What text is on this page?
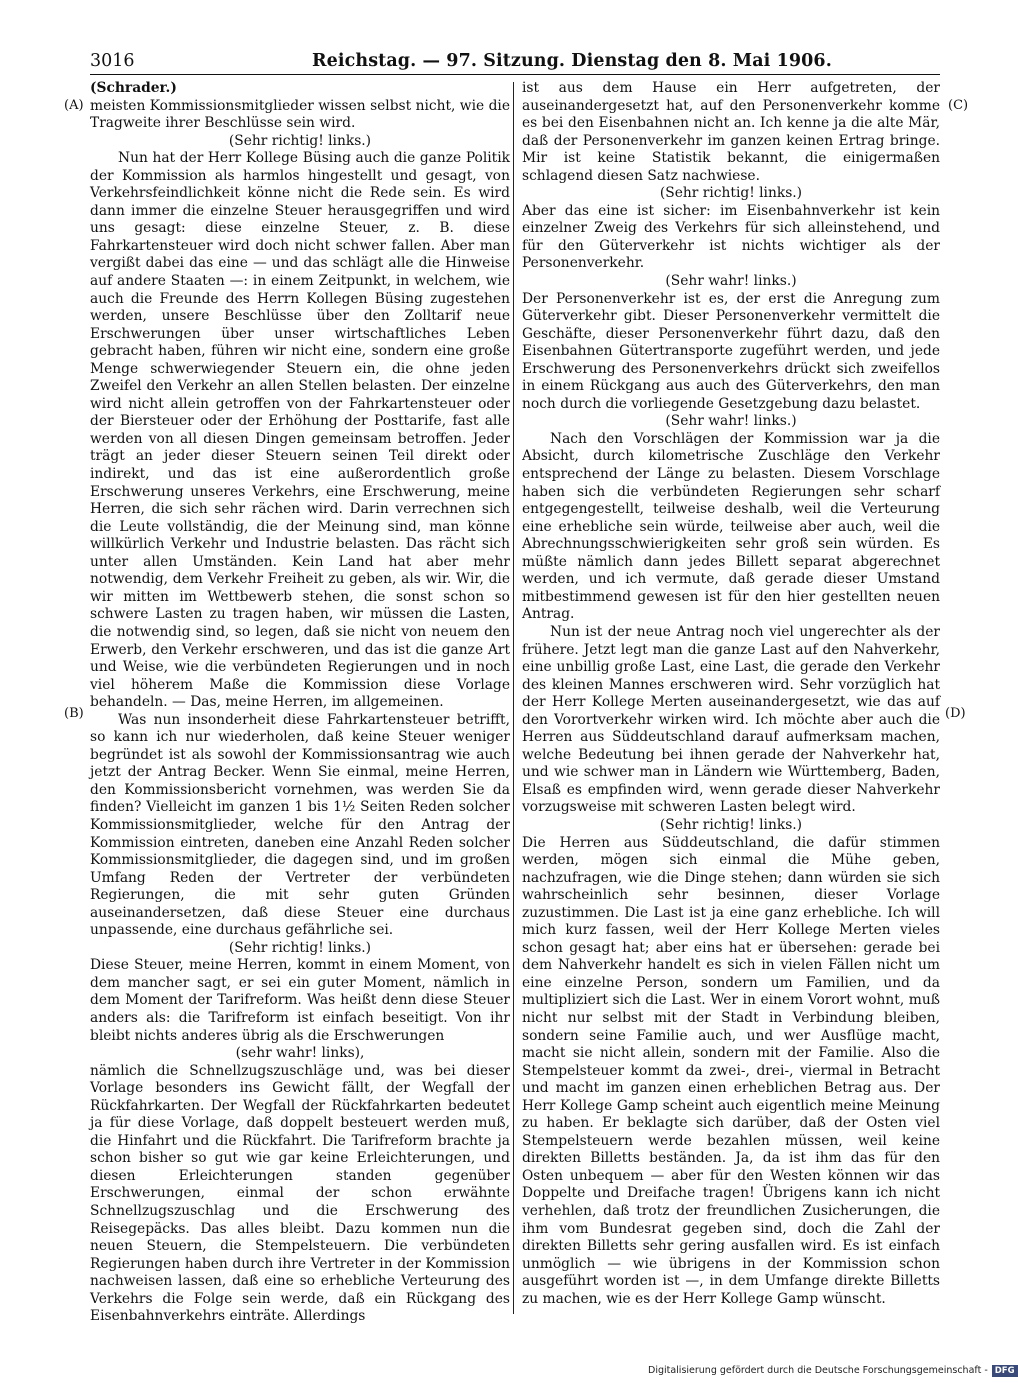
3016	Reichstag. — 97. Sitzung. Dienstag den 8. Mai 1906.
(A)
(B)
(C)
(D)

(Schrader.)

meisten Kommissionsmitglieder wissen selbst nicht, wie die Tragweite ihrer Beschlüsse sein wird.

(Sehr richtig! links.)

Nun hat der Herr Kollege Büsing auch die ganze Politik der Kommission als harmlos hingestellt und gesagt, von Verkehrsfeindlichkeit könne nicht die Rede sein. Es wird dann immer die einzelne Steuer herausgegriffen und wird uns gesagt: diese einzelne Steuer, z. B. diese Fahrkartensteuer wird doch nicht schwer fallen. Aber man vergißt dabei das eine — und das schlägt alle die Hinweise auf andere Staaten —: in einem Zeitpunkt, in welchem, wie auch die Freunde des Herrn Kollegen Büsing zugestehen werden, unsere Beschlüsse über den Zolltarif neue Erschwerungen über unser wirtschaftliches Leben gebracht haben, führen wir nicht eine, sondern eine große Menge schwerwiegender Steuern ein, die ohne jeden Zweifel den Verkehr an allen Stellen belasten. Der einzelne wird nicht allein getroffen von der Fahrkartensteuer oder der Biersteuer oder der Erhöhung der Posttarife, fast alle werden von all diesen Dingen gemeinsam betroffen. Jeder trägt an jeder dieser Steuern seinen Teil direkt oder indirekt, und das ist eine außerordentlich große Erschwerung unseres Verkehrs, eine Erschwerung, meine Herren, die sich sehr rächen wird. Darin verrechnen sich die Leute vollständig, die der Meinung sind, man könne willkürlich Verkehr und Industrie belasten. Das rächt sich unter allen Umständen. Kein Land hat aber mehr notwendig, dem Verkehr Freiheit zu geben, als wir. Wir, die wir mitten im Wettbewerb stehen, die sonst schon so schwere Lasten zu tragen haben, wir müssen die Lasten, die notwendig sind, so legen, daß sie nicht von neuem den Erwerb, den Verkehr erschweren, und das ist die ganze Art und Weise, wie die verbündeten Regierungen und in noch viel höherem Maße die Kommission diese Vorlage behandeln. — Das, meine Herren, im allgemeinen.

Was nun insonderheit diese Fahrkartensteuer betrifft, so kann ich nur wiederholen, daß keine Steuer weniger begründet ist als sowohl der Kommissionsantrag wie auch jetzt der Antrag Becker. Wenn Sie einmal, meine Herren, den Kommissionsbericht vornehmen, was werden Sie da finden? Vielleicht im ganzen 1 bis 1½ Seiten Reden solcher Kommissionsmitglieder, welche für den Antrag der Kommission eintreten, daneben eine Anzahl Reden solcher Kommissionsmitglieder, die dagegen sind, und im großen Umfang Reden der Vertreter der verbündeten Regierungen, die mit sehr guten Gründen auseinandersetzen, daß diese Steuer eine durchaus unpassende, eine durchaus gefährliche sei.

(Sehr richtig! links.)

Diese Steuer, meine Herren, kommt in einem Moment, von dem mancher sagt, er sei ein guter Moment, nämlich in dem Moment der Tarifreform. Was heißt denn diese Steuer anders als: die Tarifreform ist einfach beseitigt. Von ihr bleibt nichts anderes übrig als die Erschwerungen

(sehr wahr! links),

nämlich die Schnellzugszuschläge und, was bei dieser Vorlage besonders ins Gewicht fällt, der Wegfall der Rückfahrkarten. Der Wegfall der Rückfahrkarten bedeutet ja für diese Vorlage, daß doppelt besteuert werden muß, die Hinfahrt und die Rückfahrt. Die Tarifreform brachte ja schon bisher so gut wie gar keine Erleichterungen, und diesen Erleichterungen standen gegenüber Erschwerungen, einmal der schon erwähnte Schnellzugszuschlag und die Erschwerung des Reisegepäcks. Das alles bleibt. Dazu kommen nun die neuen Steuern, die Stempelsteuern. Die verbündeten Regierungen haben durch ihre Vertreter in der Kommission nachweisen lassen, daß eine so erhebliche Verteurung des Verkehrs die Folge sein werde, daß ein Rückgang des Eisenbahnverkehrs einträte. Allerdings

ist aus dem Hause ein Herr aufgetreten, der auseinandergesetzt hat, auf den Personenverkehr komme es bei den Eisenbahnen nicht an. Ich kenne ja die alte Mär, daß der Personenverkehr im ganzen keinen Ertrag bringe. Mir ist keine Statistik bekannt, die einigermaßen schlagend diesen Satz nachwiese.

(Sehr richtig! links.)

Aber das eine ist sicher: im Eisenbahnverkehr ist kein einzelner Zweig des Verkehrs für sich alleinstehend, und für den Güterverkehr ist nichts wichtiger als der Personenverkehr.

(Sehr wahr! links.)

Der Personenverkehr ist es, der erst die Anregung zum Güterverkehr gibt. Dieser Personenverkehr vermittelt die Geschäfte, dieser Personenverkehr führt dazu, daß den Eisenbahnen Gütertransporte zugeführt werden, und jede Erschwerung des Personenverkehrs drückt sich zweifellos in einem Rückgang aus auch des Güterverkehrs, den man noch durch die vorliegende Gesetzgebung dazu belastet.

(Sehr wahr! links.)

Nach den Vorschlägen der Kommission war ja die Absicht, durch kilometrische Zuschläge den Verkehr entsprechend der Länge zu belasten. Diesem Vorschlage haben sich die verbündeten Regierungen sehr scharf entgegengestellt, teilweise deshalb, weil die Verteurung eine erhebliche sein würde, teilweise aber auch, weil die Abrechnungsschwierigkeiten sehr groß sein würden. Es müßte nämlich dann jedes Billett separat abgerechnet werden, und ich vermute, daß gerade dieser Umstand mitbestimmend gewesen ist für den hier gestellten neuen Antrag.

Nun ist der neue Antrag noch viel ungerechter als der frühere. Jetzt legt man die ganze Last auf den Nahverkehr, eine unbillig große Last, eine Last, die gerade den Verkehr des kleinen Mannes erschweren wird. Sehr vorzüglich hat der Herr Kollege Merten auseinandergesetzt, wie das auf den Vorortverkehr wirken wird. Ich möchte aber auch die Herren aus Süddeutschland darauf aufmerksam machen, welche Bedeutung bei ihnen gerade der Nahverkehr hat, und wie schwer man in Ländern wie Württemberg, Baden, Elsaß es empfinden wird, wenn gerade dieser Nahverkehr vorzugsweise mit schweren Lasten belegt wird.

(Sehr richtig! links.)

Die Herren aus Süddeutschland, die dafür stimmen werden, mögen sich einmal die Mühe geben, nachzufragen, wie die Dinge stehen; dann würden sie sich wahrscheinlich sehr besinnen, dieser Vorlage zuzustimmen. Die Last ist ja eine ganz erhebliche. Ich will mich kurz fassen, weil der Herr Kollege Merten vieles schon gesagt hat; aber eins hat er übersehen: gerade bei dem Nahverkehr handelt es sich in vielen Fällen nicht um eine einzelne Person, sondern um Familien, und da multipliziert sich die Last. Wer in einem Vorort wohnt, muß nicht nur selbst mit der Stadt in Verbindung bleiben, sondern seine Familie auch, und wer Ausflüge macht, macht sie nicht allein, sondern mit der Familie. Also die Stempelsteuer kommt da zwei-, drei-, viermal in Betracht und macht im ganzen einen erheblichen Betrag aus. Der Herr Kollege Gamp scheint auch eigentlich meine Meinung zu haben. Er beklagte sich darüber, daß der Osten viel Stempelsteuern werde bezahlen müssen, weil keine direkten Billetts beständen. Ja, da ist ihm das für den Osten unbequem — aber für den Westen können wir das Doppelte und Dreifache tragen! Übrigens kann ich nicht verhehlen, daß trotz der freundlichen Zusicherungen, die ihm vom Bundesrat gegeben sind, doch die Zahl der direkten Billetts sehr gering ausfallen wird. Es ist einfach unmöglich — wie übrigens in der Kommission schon ausgeführt worden ist —, in dem Umfange direkte Billetts zu machen, wie es der Herr Kollege Gamp wünscht.

Digitalisierung gefördert durch die Deutsche Forschungsgemeinschaft - DFG
